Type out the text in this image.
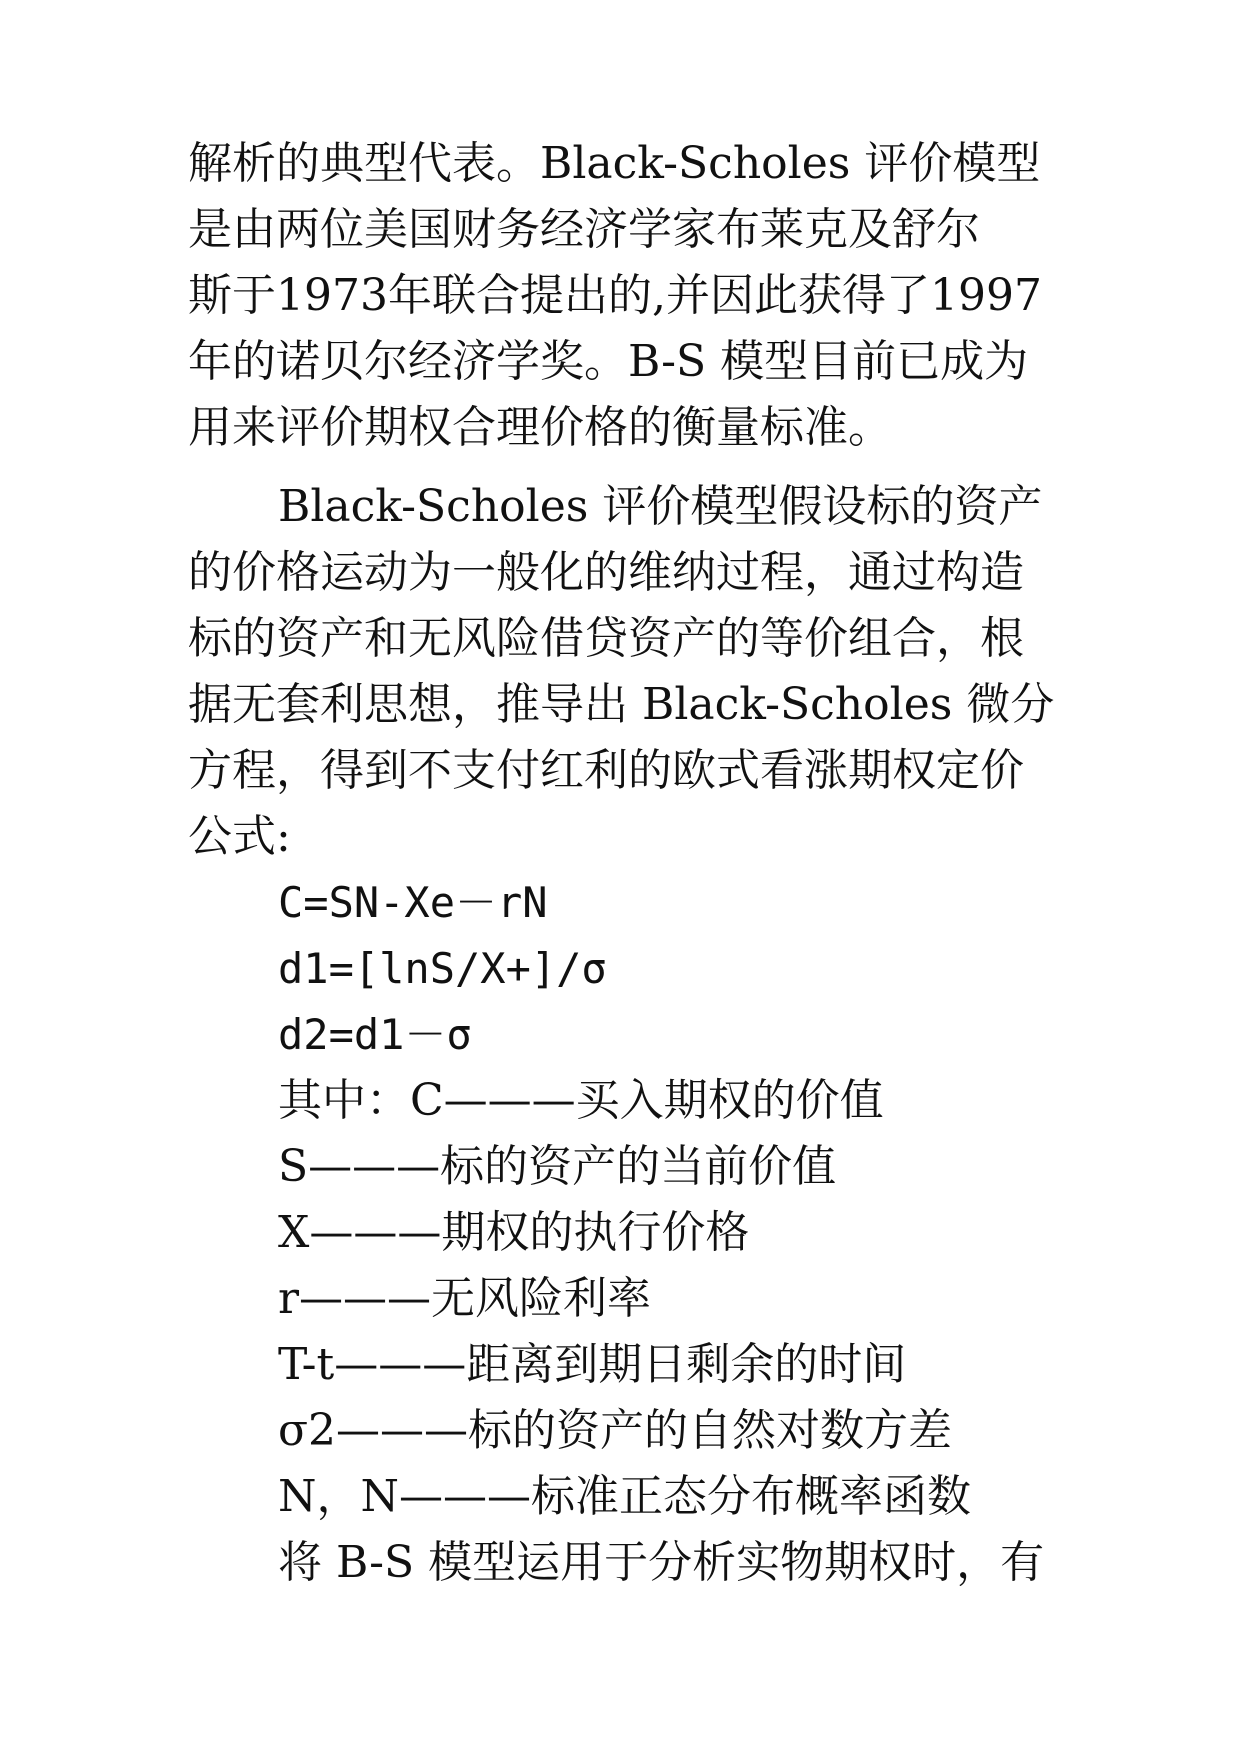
解析的典型代表。Black-Scholes 评价模型
是由两位美国财务经济学家布莱克及舒尔
斯于1973年联合提出的,并因此获得了1997
年的诺贝尔经济学奖。B-S 模型目前已成为
用来评价期权合理价格的衡量标准。
Black-Scholes 评价模型假设标的资产
的价格运动为一般化的维纳过程，通过构造
标的资产和无风险借贷资产的等价组合，根
据无套利思想，推导出 Black-Scholes 微分
方程，得到不支付红利的欧式看涨期权定价
公式:
C=SN-Xe－rN
d1=[lnS/X+]/σ
d2=d1－σ
其中：C———买入期权的价值
S———标的资产的当前价值
X———期权的执行价格
r———无风险利率
T-t———距离到期日剩余的时间
σ2———标的资产的自然对数方差
N，N———标准正态分布概率函数
将 B-S 模型运用于分析实物期权时，有
